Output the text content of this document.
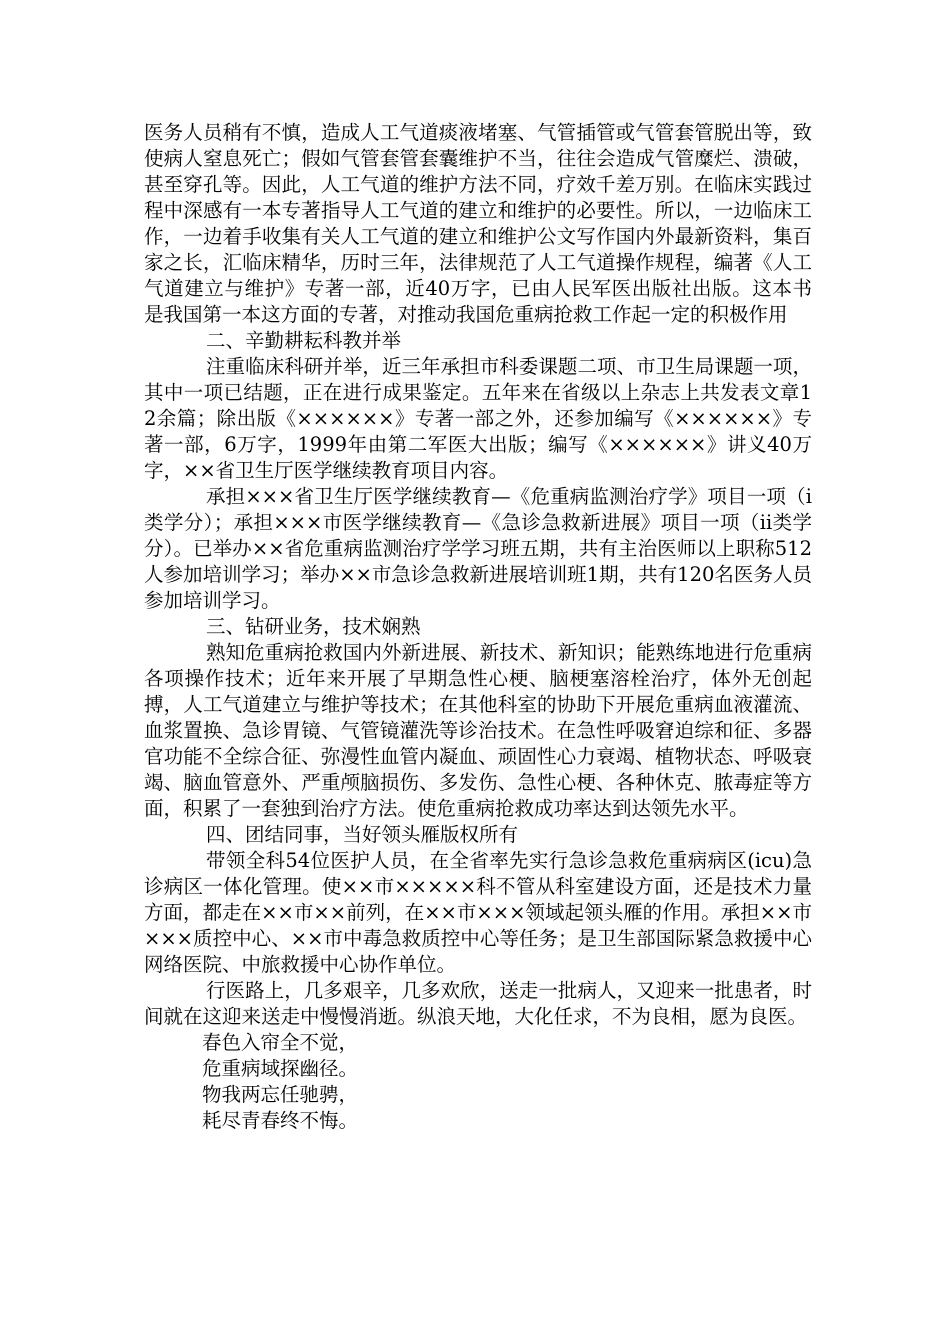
医务人员稍有不慎，造成人工气道痰液堵塞、气管插管或气管套管脱出等，致使病人窒息死亡；假如气管套管套囊维护不当，往往会造成气管糜烂、溃破，甚至穿孔等。因此，人工气道的维护方法不同，疗效千差万别。在临床实践过程中深感有一本专著指导人工气道的建立和维护的必要性。所以，一边临床工作，一边着手收集有关人工气道的建立和维护公文写作国内外最新资料，集百家之长，汇临床精华，历时三年，法律规范了人工气道操作规程，编著《人工气道建立与维护》专著一部，近40万字，已由人民军医出版社出版。这本书是我国第一本这方面的专著，对推动我国危重病抢救工作起一定的积极作用

二、辛勤耕耘科教并举

注重临床科研并举，近三年承担市科委课题二项、市卫生局课题一项，其中一项已结题，正在进行成果鉴定。五年来在省级以上杂志上共发表文章12余篇；除出版《××××××》专著一部之外，还参加编写《××××××》专著一部，6万字，1999年由第二军医大出版；编写《××××××》讲义40万字，××省卫生厅医学继续教育项目内容。

承担×××省卫生厅医学继续教育—《危重病监测治疗学》项目一项（ⅰ类学分）；承担×××市医学继续教育—《急诊急救新进展》项目一项（ⅱ类学分）。已举办××省危重病监测治疗学学习班五期，共有主治医师以上职称512人参加培训学习；举办××市急诊急救新进展培训班1期，共有120名医务人员参加培训学习。

三、钻研业务，技术娴熟

熟知危重病抢救国内外新进展、新技术、新知识；能熟练地进行危重病各项操作技术；近年来开展了早期急性心梗、脑梗塞溶栓治疗，体外无创起搏，人工气道建立与维护等技术；在其他科室的协助下开展危重病血液灌流、血浆置换、急诊胃镜、气管镜灌洗等诊治技术。在急性呼吸窘迫综和征、多器官功能不全综合征、弥漫性血管内凝血、顽固性心力衰竭、植物状态、呼吸衰竭、脑血管意外、严重颅脑损伤、多发伤、急性心梗、各种休克、脓毒症等方面，积累了一套独到治疗方法。使危重病抢救成功率达到达领先水平。

四、团结同事，当好领头雁版权所有

带领全科54位医护人员，在全省率先实行急诊急救危重病病区(icu)急诊病区一体化管理。使××市×××××科不管从科室建设方面，还是技术力量方面，都走在××市××前列，在××市×××领域起领头雁的作用。承担××市×××质控中心、××市中毒急救质控中心等任务；是卫生部国际紧急救援中心网络医院、中旅救援中心协作单位。

行医路上，几多艰辛，几多欢欣，送走一批病人，又迎来一批患者，时间就在这迎来送走中慢慢消逝。纵浪天地，大化任求，不为良相，愿为良医。

春色入帘全不觉，

危重病域探幽径。

物我两忘任驰骋，

耗尽青春终不悔。
